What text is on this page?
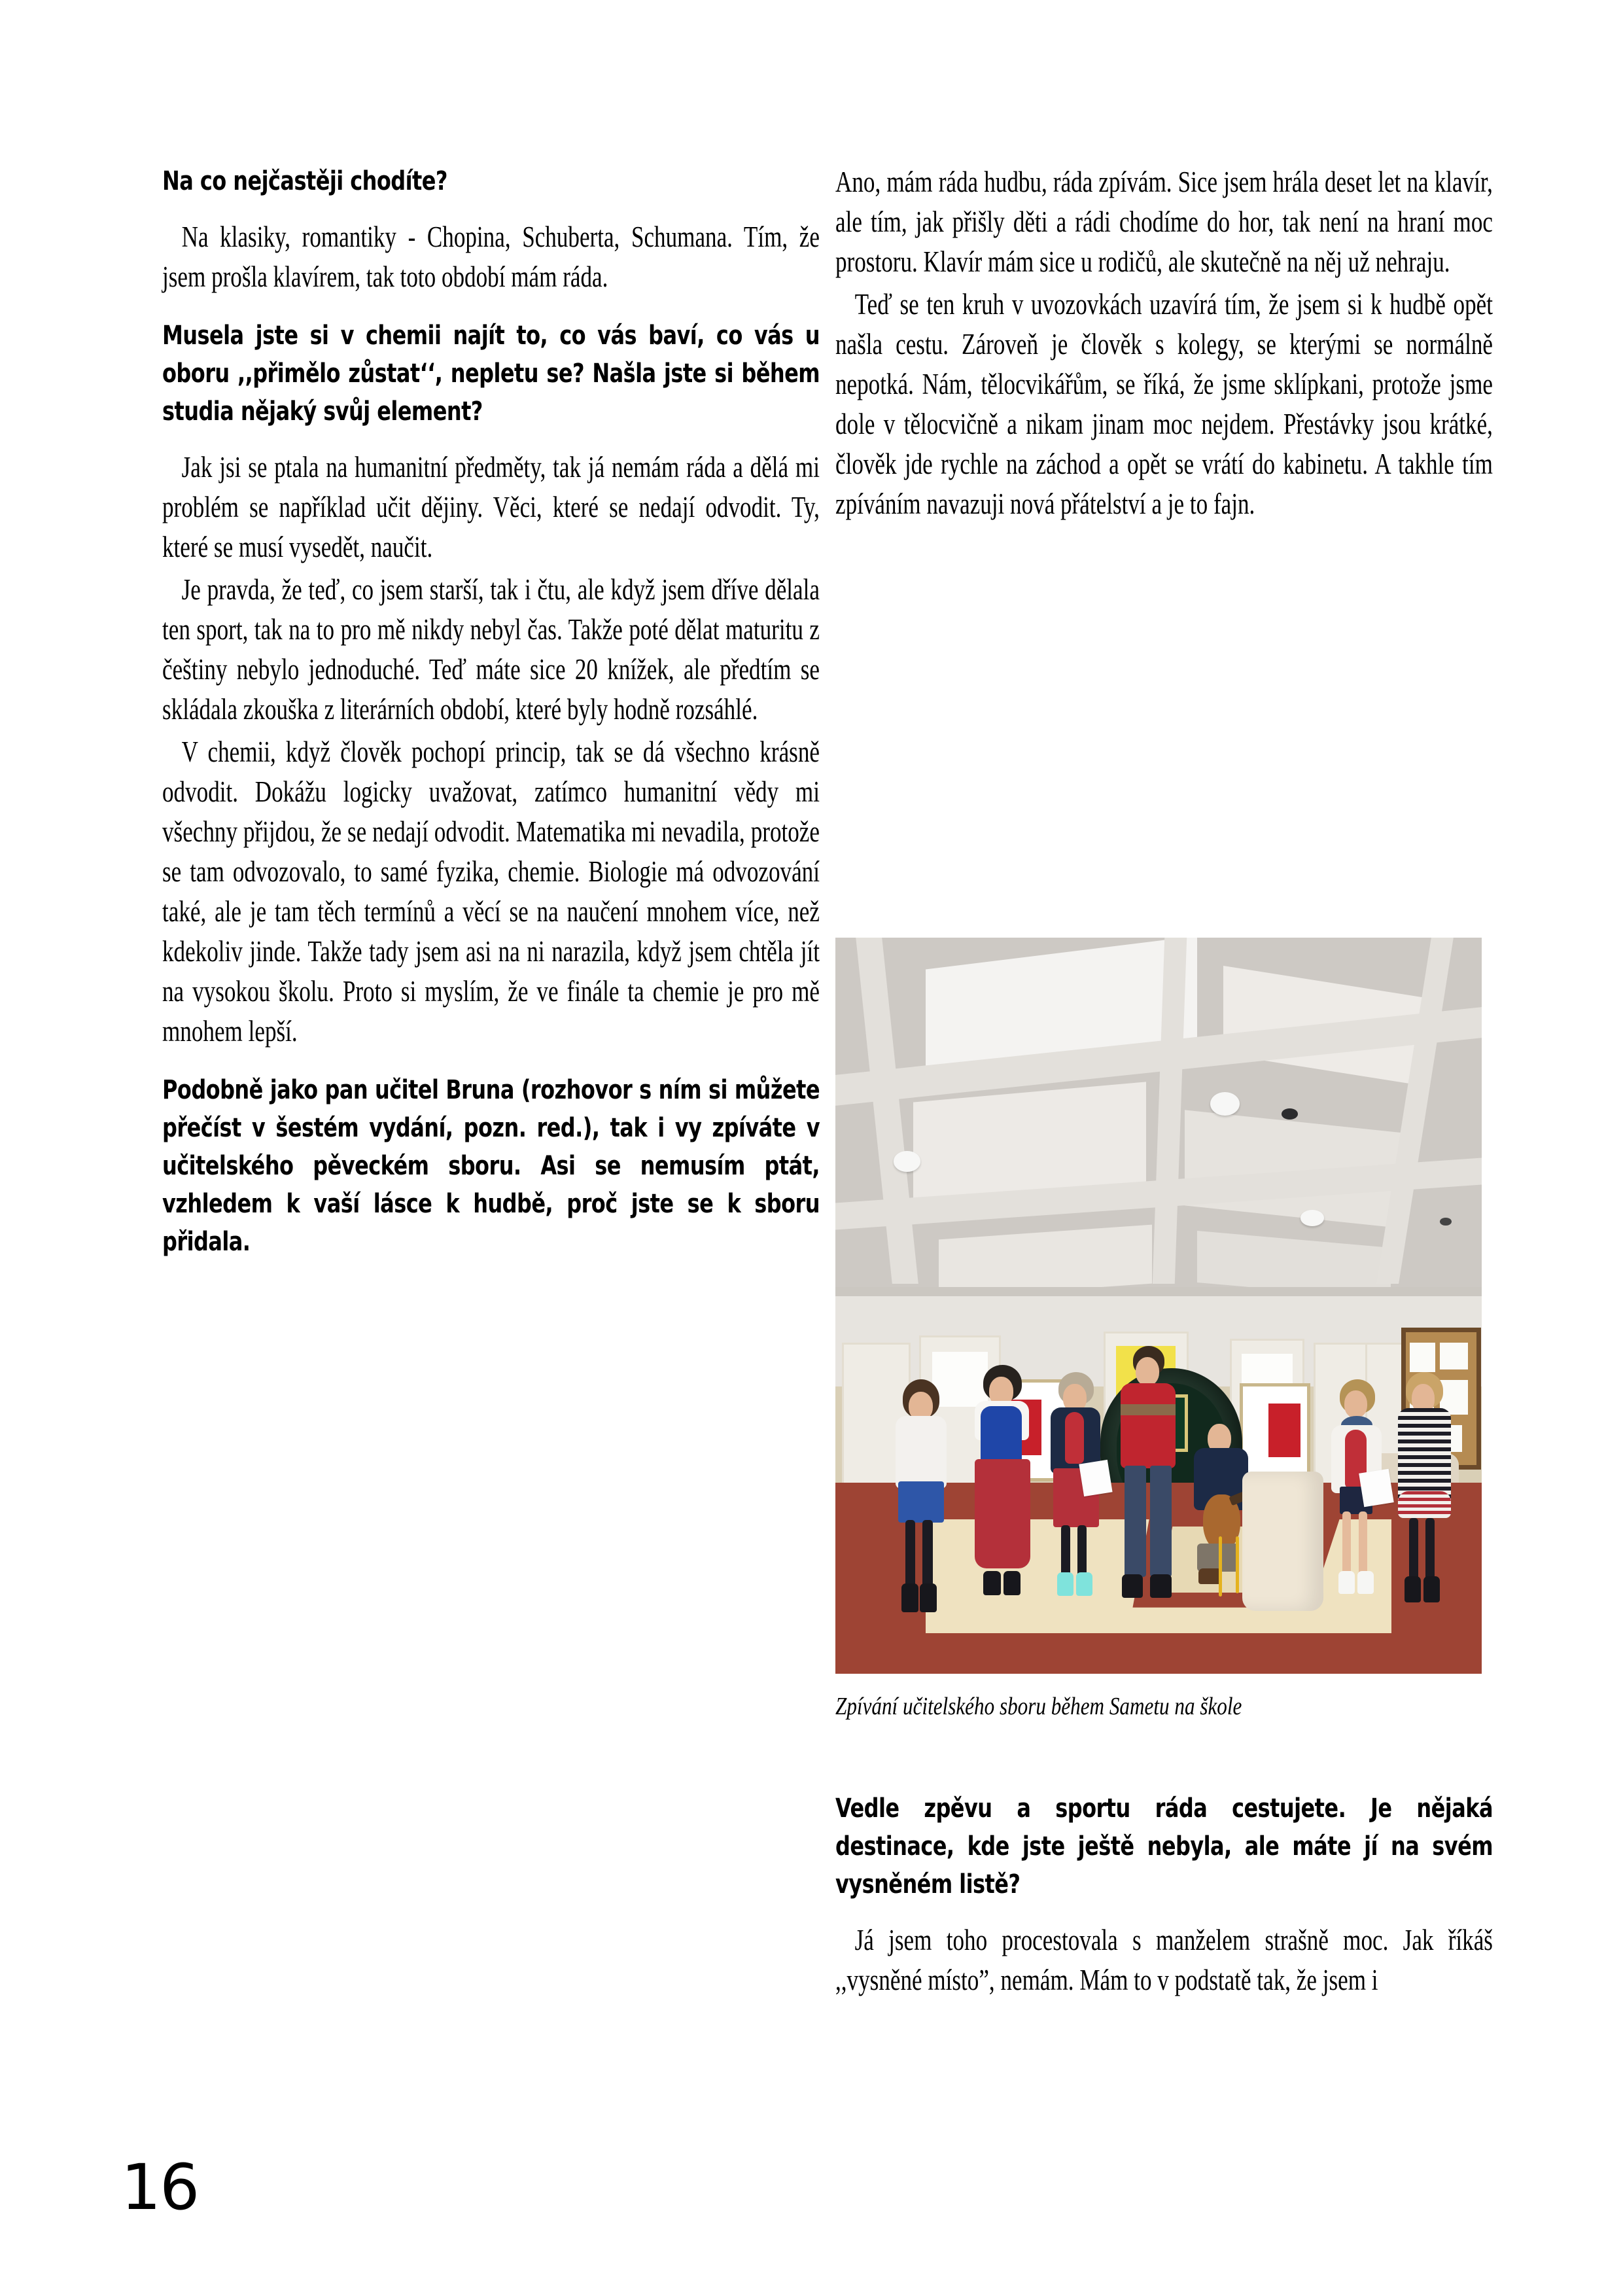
Na co nejčastěji chodíte?

Na klasiky, romantiky - Chopina, Schuberta, Schumana. Tím, že jsem prošla klavírem, tak toto období mám ráda.

Musela jste si v chemii najít to, co vás baví, co vás u oboru ,,přimělo zůstat‘‘, nepletu se? Našla jste si během studia nějaký svůj element?

Jak jsi se ptala na humanitní předměty, tak já nemám ráda a dělá mi problém se například učit dějiny. Věci, které se nedají odvodit. Ty, které se musí vysedět, naučit.

Je pravda, že teď, co jsem starší, tak i čtu, ale když jsem dříve dělala ten sport, tak na to pro mě nikdy nebyl čas. Takže poté dělat maturitu z češtiny nebylo jednoduché. Teď máte sice 20 knížek, ale předtím se skládala zkouška z literárních období, které byly hodně rozsáhlé.

V chemii, když člověk pochopí princip, tak se dá všechno krásně odvodit. Dokážu logicky uvažovat, zatímco humanitní vědy mi všechny přijdou, že se nedají odvodit. Matematika mi nevadila, protože se tam odvozovalo, to samé fyzika, chemie. Biologie má odvozování také, ale je tam těch termínů a věcí se na naučení mnohem více, než kdekoliv jinde. Takže tady jsem asi na ni narazila, když jsem chtěla jít na vysokou školu. Proto si myslím, že ve finále ta chemie je pro mě mnohem lepší.

Podobně jako pan učitel Bruna (rozhovor s ním si můžete přečíst v šestém vydání, pozn. red.), tak i vy zpíváte v učitelského pěveckém sboru. Asi se nemusím ptát, vzhledem k vaší lásce k hudbě, proč jste se k sboru přidala.

Ano, mám ráda hudbu, ráda zpívám. Sice jsem hrála deset let na klavír, ale tím, jak přišly děti a rádi chodíme do hor, tak není na hraní moc prostoru. Klavír mám sice u rodičů, ale skutečně na něj už nehraju.

Teď se ten kruh v uvozovkách uzavírá tím, že jsem si k hudbě opět našla cestu. Zároveň je člověk s kolegy, se kterými se normálně nepotká. Nám, tělocvikářům, se říká, že jsme sklípkani, protože jsme dole v tělocvičně a nikam jinam moc nejdem. Přestávky jsou krátké, člověk jde rychle na záchod a opět se vrátí do kabinetu. A takhle tím zpíváním navazuji nová přátelství a je to fajn.

Zpívání učitelského sboru během Sametu na škole

Vedle zpěvu a sportu ráda cestujete. Je nějaká destinace, kde jste ještě nebyla, ale máte jí na svém vysněném listě?

Já jsem toho procestovala s manželem strašně moc. Jak říkáš ,,vysněné místo”, nemám. Mám to v podstatě tak, že jsem i

16
